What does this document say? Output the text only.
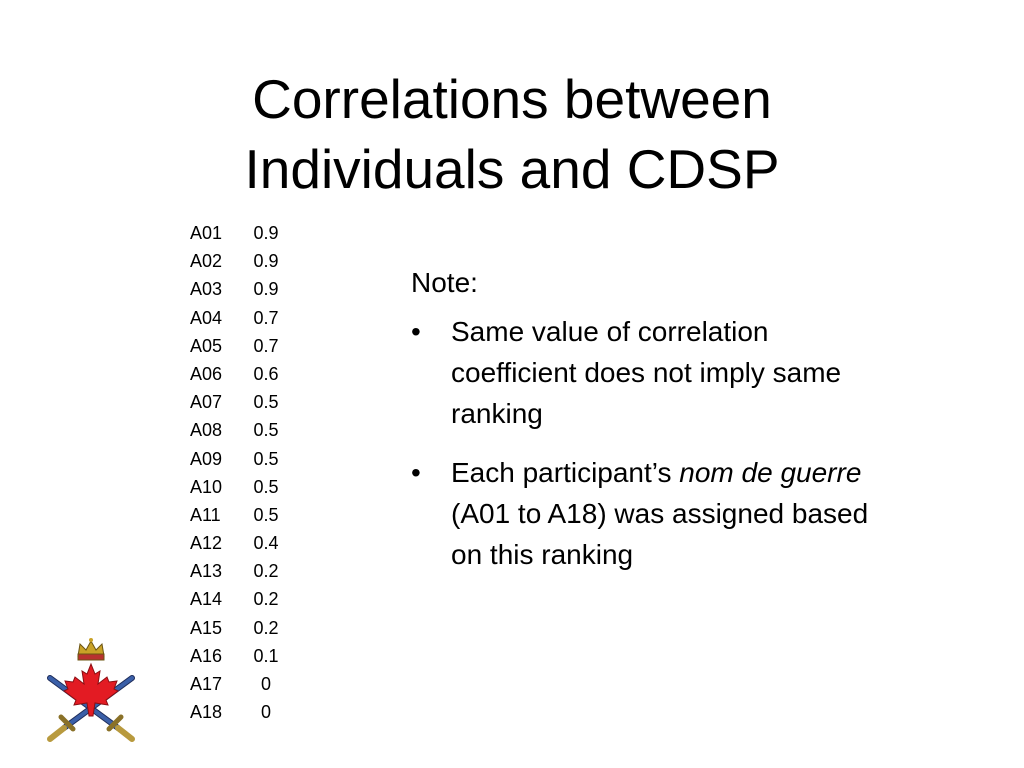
Correlations between
Individuals and CDSP
A01 0.9
A02 0.9
A03 0.9
A04 0.7
A05 0.7
A06 0.6
A07 0.5
A08 0.5
A09 0.5
A10 0.5
A11 0.5
A12 0.4
A13 0.2
A14 0.2
A15 0.2
A16 0.1
A17 0
A18 0
Note:
• Same value of correlation coefficient does not imply same ranking
• Each participant’s nom de guerre (A01 to A18) was assigned based on this ranking
